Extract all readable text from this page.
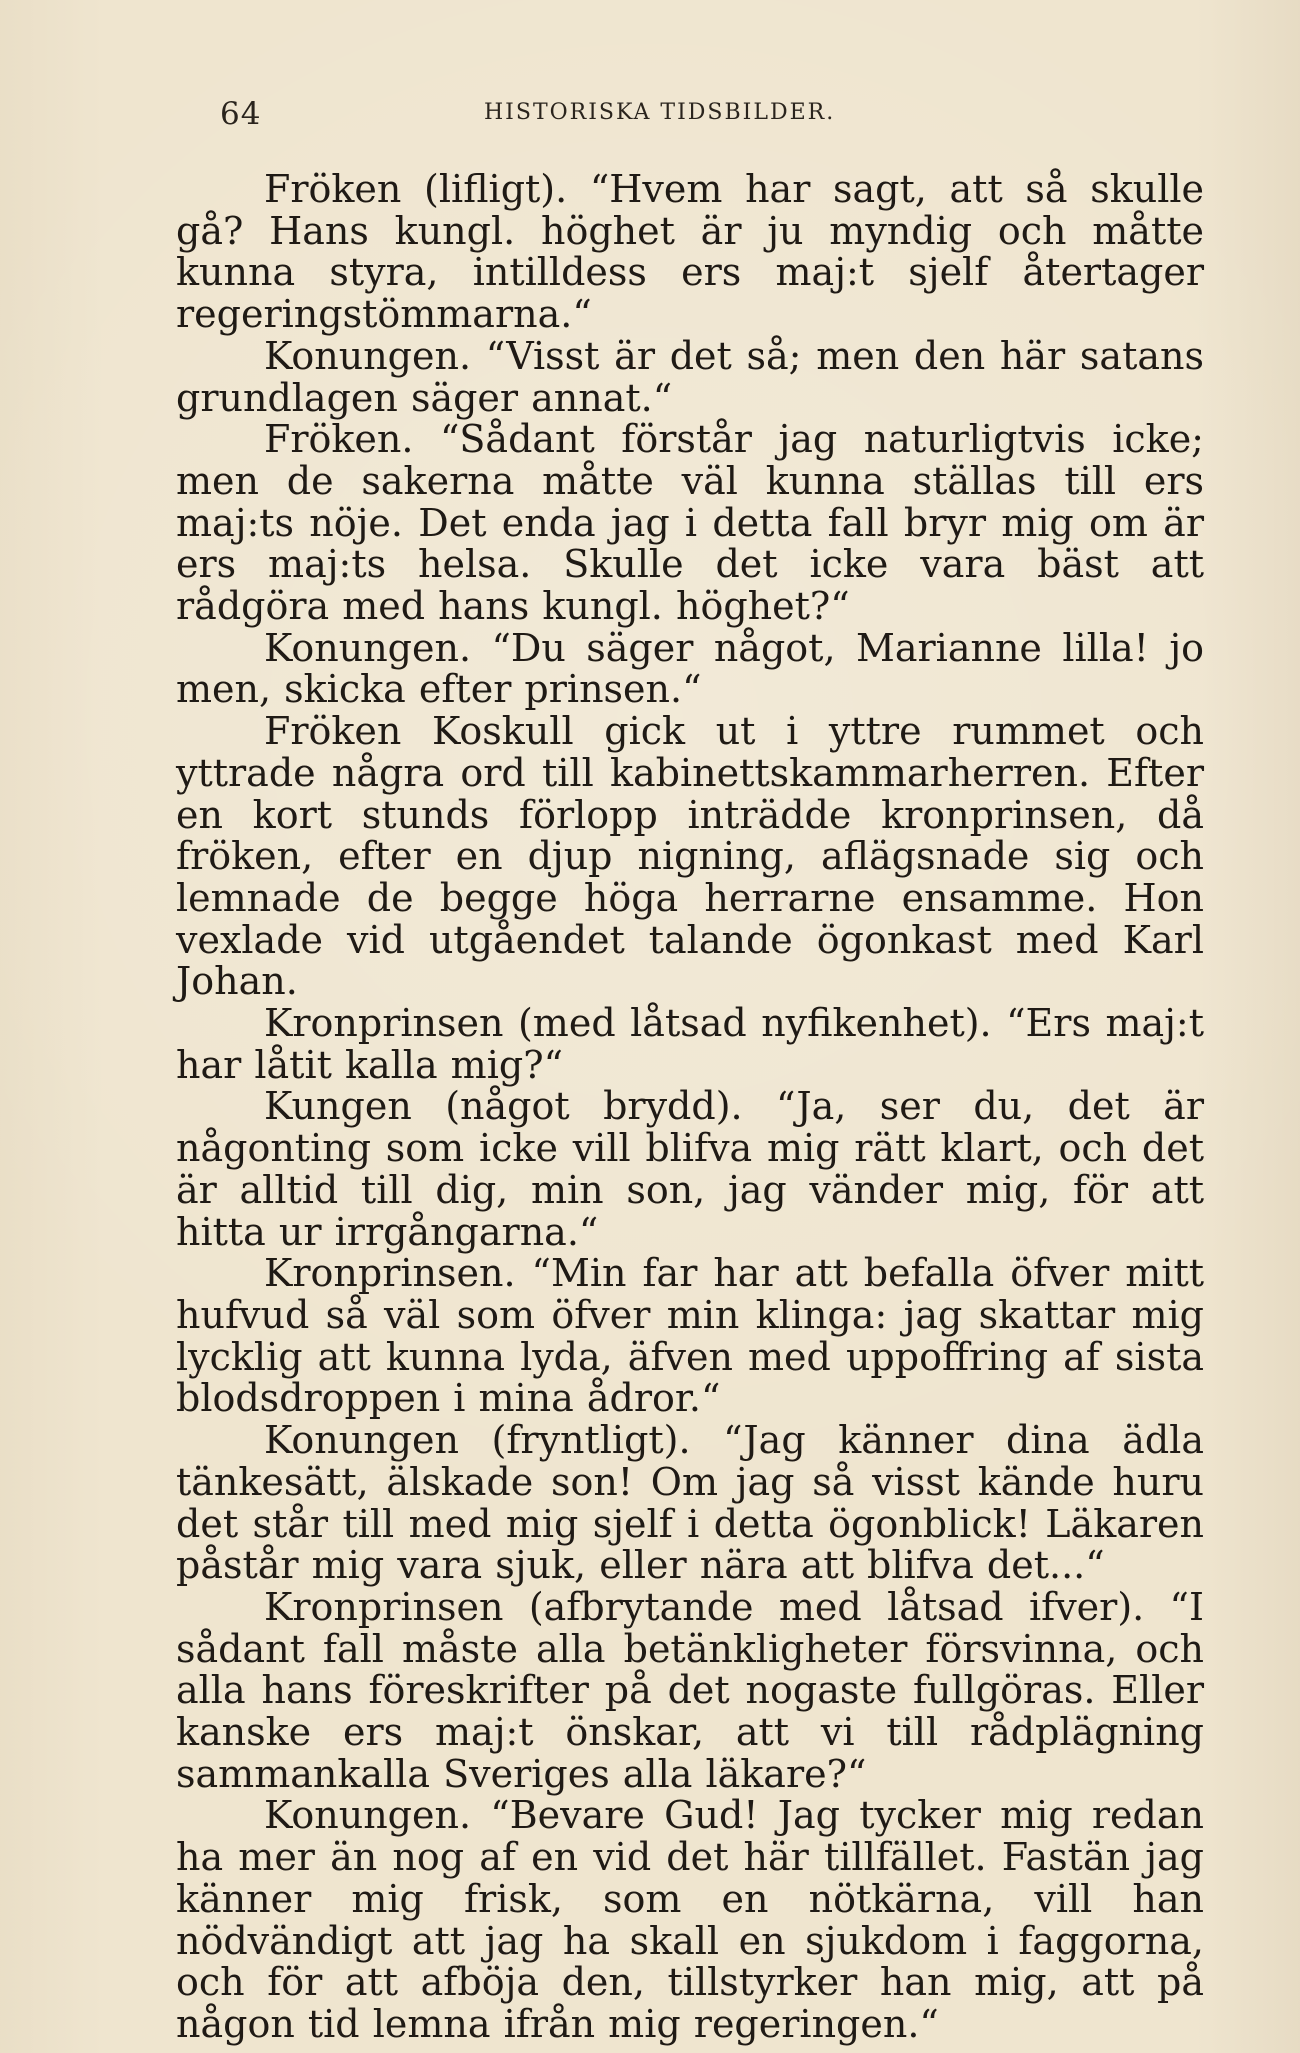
64	HISTORISKA TIDSBILDER.

Fröken (lifligt). “Hvem har sagt, att så skulle gå? Hans kungl. höghet är ju myndig och måtte kunna styra, intilldess ers maj:t sjelf återtager regeringstömmarna.“

Konungen. “Visst är det så; men den här satans grundlagen säger annat.“

Fröken. “Sådant förstår jag naturligtvis icke; men de sakerna måtte väl kunna ställas till ers maj:ts nöje. Det enda jag i detta fall bryr mig om är ers maj:ts helsa. Skulle det icke vara bäst att rådgöra med hans kungl. höghet?“

Konungen. “Du säger något, Marianne lilla! jo men, skicka efter prinsen.“

Fröken Koskull gick ut i yttre rummet och yttrade några ord till kabinettskammarherren. Efter en kort stunds förlopp inträdde kronprinsen, då fröken, efter en djup nigning, aflägsnade sig och lemnade de begge höga herrarne ensamme. Hon vexlade vid utgåendet talande ögonkast med Karl Johan.

Kronprinsen (med låtsad nyfikenhet). “Ers maj:t har låtit kalla mig?“

Kungen (något brydd). “Ja, ser du, det är någonting som icke vill blifva mig rätt klart, och det är alltid till dig, min son, jag vänder mig, för att hitta ur irrgångarna.“

Kronprinsen. “Min far har att befalla öfver mitt hufvud så väl som öfver min klinga: jag skattar mig lycklig att kunna lyda, äfven med uppoffring af sista blodsdroppen i mina ådror.“

Konungen (fryntligt). “Jag känner dina ädla tänkesätt, älskade son! Om jag så visst kände huru det står till med mig sjelf i detta ögonblick! Läkaren påstår mig vara sjuk, eller nära att blifva det...“

Kronprinsen (afbrytande med låtsad ifver). “I sådant fall måste alla betänkligheter försvinna, och alla hans föreskrifter på det nogaste fullgöras. Eller kanske ers maj:t önskar, att vi till rådplägning sammankalla Sveriges alla läkare?“

Konungen. “Bevare Gud! Jag tycker mig redan ha mer än nog af en vid det här tillfället. Fastän jag känner mig frisk, som en nötkärna, vill han nödvändigt att jag ha skall en sjukdom i faggorna, och för att afböja den, tillstyrker han mig, att på någon tid lemna ifrån mig regeringen.“
